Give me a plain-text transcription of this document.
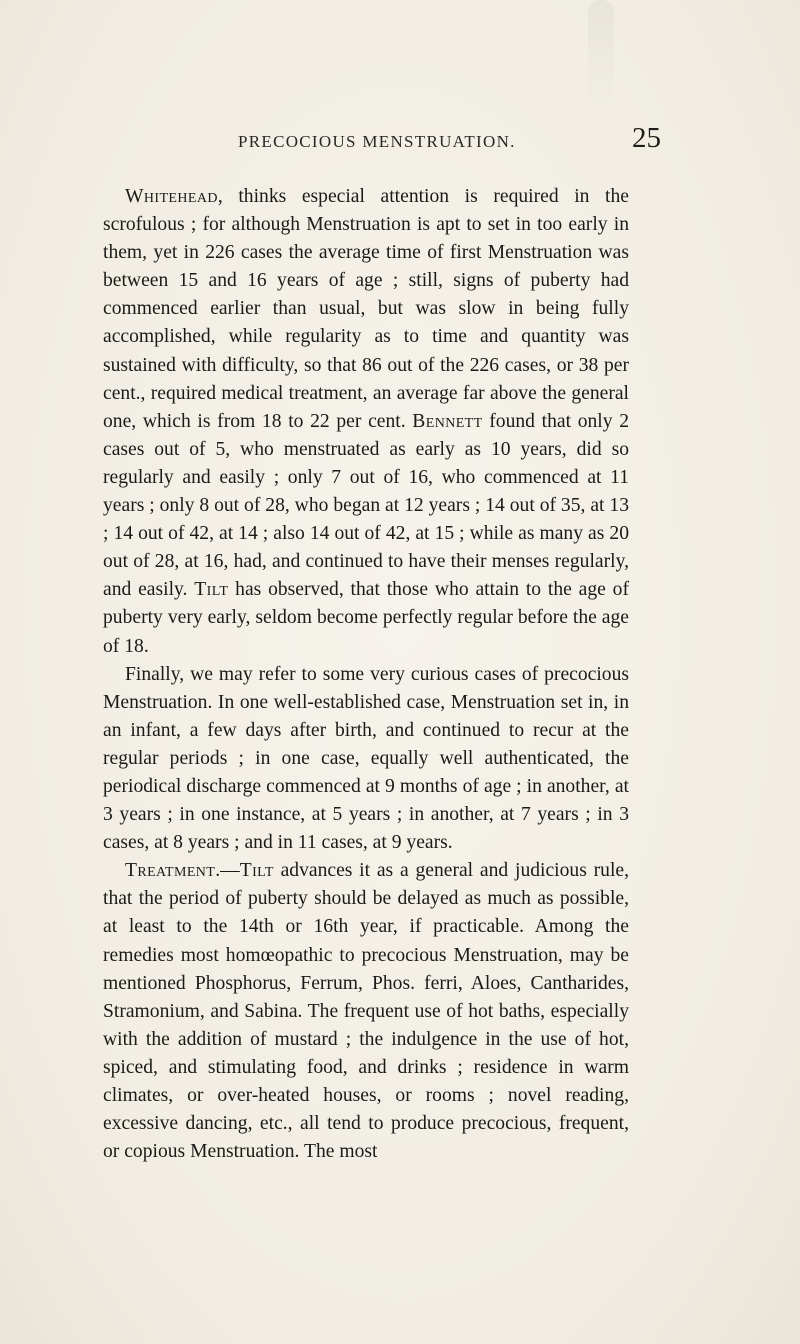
PRECOCIOUS MENSTRUATION.	25

Whitehead, thinks especial attention is required in the scrofulous ; for although Menstruation is apt to set in too early in them, yet in 226 cases the average time of first Menstruation was between 15 and 16 years of age ; still, signs of puberty had commenced earlier than usual, but was slow in being fully accomplished, while regularity as to time and quantity was sustained with difficulty, so that 86 out of the 226 cases, or 38 per cent., required medical treatment, an average far above the general one, which is from 18 to 22 per cent. Bennett found that only 2 cases out of 5, who menstruated as early as 10 years, did so regularly and easily ; only 7 out of 16, who commenced at 11 years ; only 8 out of 28, who began at 12 years ; 14 out of 35, at 13 ; 14 out of 42, at 14 ; also 14 out of 42, at 15 ; while as many as 20 out of 28, at 16, had, and continued to have their menses regularly, and easily. Tilt has observed, that those who attain to the age of puberty very early, seldom become perfectly regular before the age of 18.

Finally, we may refer to some very curious cases of precocious Menstruation. In one well-established case, Menstruation set in, in an infant, a few days after birth, and continued to recur at the regular periods ; in one case, equally well authenticated, the periodical discharge commenced at 9 months of age ; in another, at 3 years ; in one instance, at 5 years ; in another, at 7 years ; in 3 cases, at 8 years ; and in 11 cases, at 9 years.

Treatment.—Tilt advances it as a general and judicious rule, that the period of puberty should be delayed as much as possible, at least to the 14th or 16th year, if practicable. Among the remedies most homœopathic to precocious Menstruation, may be mentioned Phosphorus, Ferrum, Phos. ferri, Aloes, Cantharides, Stramonium, and Sabina. The frequent use of hot baths, especially with the addition of mustard ; the indulgence in the use of hot, spiced, and stimulating food, and drinks ; residence in warm climates, or over-heated houses, or rooms ; novel reading, excessive dancing, etc., all tend to produce precocious, frequent, or copious Menstruation. The most
